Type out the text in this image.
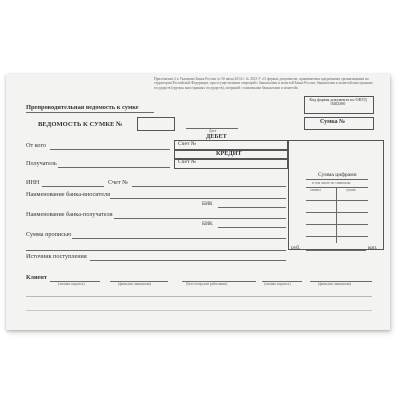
Приложение 2 к Указанию Банка России от 30 июля 2014 г. № 3352-У «О формах документов, применяемых кредитными организациями на территории Российской Федерации, при осуществлении операций с банкнотами и монетой Банка России, банкнотами и монетой иностранных государств (группы иностранных государств), операций с памятными банкнотами и монетой»
Препроводительная ведомость к сумке
Код формы документа по ОКУД 0402300
ВЕДОМОСТЬ К СУМКЕ №	Сумка №
Дата
ДЕБЕТ
Сумма цифрами
в том числе по символам:
символ	сумма
От кого	Счет №
КРЕДИТ
Получатель	Счет №
ИНН	Счет №
Наименование банка-вносителя
БИК
Наименование банка-получателя
БИК
Сумма прописью
руб.	коп.
Источник поступления
Клиент
(личная подпись)	(фамилия, инициалы)	(бухгалтерские работники)	(личная подпись)	(фамилия, инициалы)
